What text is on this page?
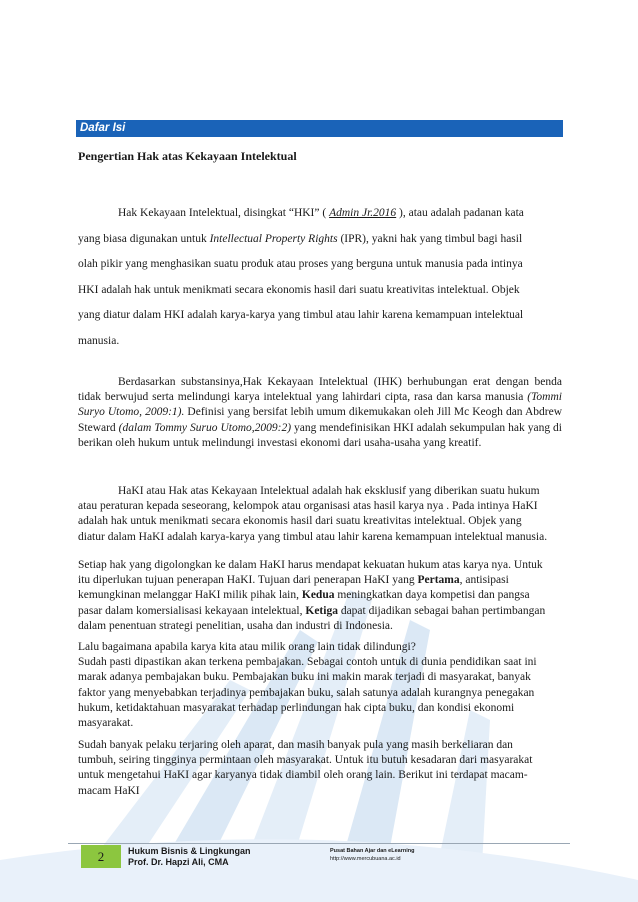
Dafar Isi
Pengertian Hak atas Kekayaan Intelektual
Hak Kekayaan Intelektual, disingkat “HKI” ( Admin Jr.2016 ), atau adalah padanan kata
yang biasa digunakan untuk Intellectual Property Rights (IPR), yakni hak yang timbul bagi hasil
olah pikir yang menghasikan suatu produk atau proses yang berguna untuk manusia pada intinya
HKI adalah hak untuk menikmati secara ekonomis hasil dari suatu kreativitas intelektual. Objek
yang diatur dalam HKI adalah karya-karya yang timbul atau lahir karena kemampuan intelektual
manusia.
Berdasarkan substansinya,Hak Kekayaan Intelektual (IHK) berhubungan erat dengan benda tidak berwujud serta melindungi karya intelektual yang lahirdari cipta, rasa dan karsa manusia (Tommi Suryo Utomo, 2009:1). Definisi yang bersifat lebih umum dikemukakan oleh Jill Mc Keogh dan Abdrew Steward (dalam Tommy Suruo Utomo,2009:2) yang mendefinisikan HKI adalah sekumpulan hak yang di berikan oleh hukum untuk melindungi investasi ekonomi dari usaha-usaha yang kreatif.
HaKI atau Hak atas Kekayaan Intelektual adalah hak eksklusif yang diberikan suatu hukum
atau peraturan kepada seseorang, kelompok atau organisasi atas hasil karya nya . Pada intinya HaKI
adalah hak untuk menikmati secara ekonomis hasil dari suatu kreativitas intelektual. Objek yang
diatur dalam HaKI adalah karya-karya yang timbul atau lahir karena kemampuan intelektual manusia.
Setiap hak yang digolongkan ke dalam HaKI harus mendapat kekuatan hukum atas karya nya. Untuk
itu diperlukan tujuan penerapan HaKI. Tujuan dari penerapan HaKI yang Pertama, antisipasi
kemungkinan melanggar HaKI milik pihak lain, Kedua meningkatkan daya kompetisi dan pangsa
pasar dalam komersialisasi kekayaan intelektual, Ketiga dapat dijadikan sebagai bahan pertimbangan
dalam penentuan strategi penelitian, usaha dan industri di Indonesia.
Lalu bagaimana apabila karya kita atau milik orang lain tidak dilindungi?
Sudah pasti dipastikan akan terkena pembajakan. Sebagai contoh untuk di dunia pendidikan saat ini
marak adanya pembajakan buku. Pembajakan buku ini makin marak terjadi di masyarakat, banyak
faktor yang menyebabkan terjadinya pembajakan buku, salah satunya adalah kurangnya penegakan
hukum, ketidaktahuan masyarakat terhadap perlindungan hak cipta buku, dan kondisi ekonomi
masyarakat.
Sudah banyak pelaku terjaring oleh aparat, dan masih banyak pula yang masih berkeliaran dan
tumbuh, seiring tingginya permintaan oleh masyarakat. Untuk itu butuh kesadaran dari masyarakat
untuk mengetahui HaKI agar karyanya tidak diambil oleh orang lain. Berikut ini terdapat macam-
macam HaKI
2	Hukum Bisnis & Lingkungan
Prof. Dr. Hapzi Ali, CMA
Pusat Bahan Ajar dan eLearning
http://www.mercubuana.ac.id
